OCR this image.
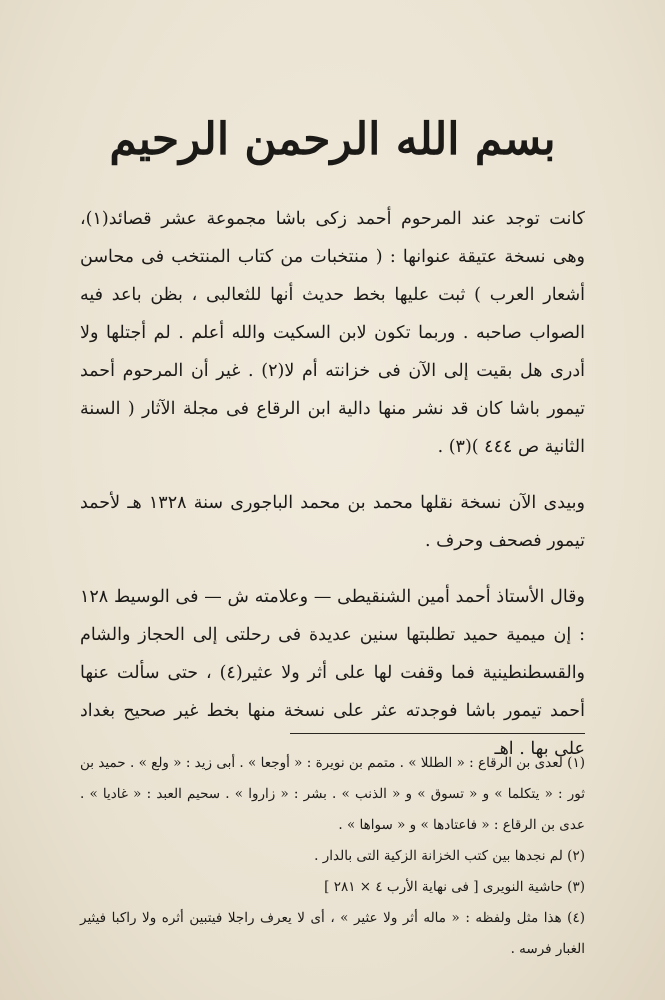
بسم الله الرحمن الرحيم

كانت توجد عند المرحوم أحمد زكى باشا مجموعة عشر قصائد(١)، وهى نسخة عتيقة عنوانها : ( منتخبات من كتاب المنتخب فى محاسن أشعار العرب ) ثبت عليها بخط حديث أنها للثعالبى ، بظن باعد فيه الصواب صاحبه . وربما تكون لابن السكيت والله أعلم . لم أجتلها ولا أدرى هل بقيت إلى الآن فى خزانته أم لا(٢) . غير أن المرحوم أحمد تيمور باشا كان قد نشر منها دالية ابن الرقاع فى مجلة الآثار ( السنة الثانية ص ٤٤٤ )(٣) .

وبيدى الآن نسخة نقلها محمد بن محمد الباجورى سنة ١٣٢٨ هـ لأحمد تيمور فصحف وحرف .

وقال الأستاذ أحمد أمين الشنقيطى — وعلامته ش — فى الوسيط ١٢٨ : إن ميمية حميد تطلبتها سنين عديدة فى رحلتى إلى الحجاز والشام والقسطنطينية فما وقفت لها على أثر ولا عثير(٤) ، حتى سألت عنها أحمد تيمور باشا فوجدته عثر على نسخة منها بخط غير صحيح بغداد على بها . اهـ

(١) لعدى بن الرقاع : « الطللا » . متمم بن نويرة : « أوجعا » . أبى زيد : « ولع » . حميد بن ثور : « يتكلما » و « تسوق » و « الذنب » . بشر : « زاروا » . سحيم العبد : « غاديا » . عدى بن الرقاع : « فاعتادها » و « سواها » .

(٢) لم نجدها بين كتب الخزانة الزكية التى بالدار .

(٣) حاشية النويرى [ فى نهاية الأرب ٤ × ٢٨١ ]

(٤) هذا مثل ولفظه : « ماله أثر ولا عثير » ، أى لا يعرف راجلا فيتبين أثره ولا راكبا فيثير الغبار فرسه .
